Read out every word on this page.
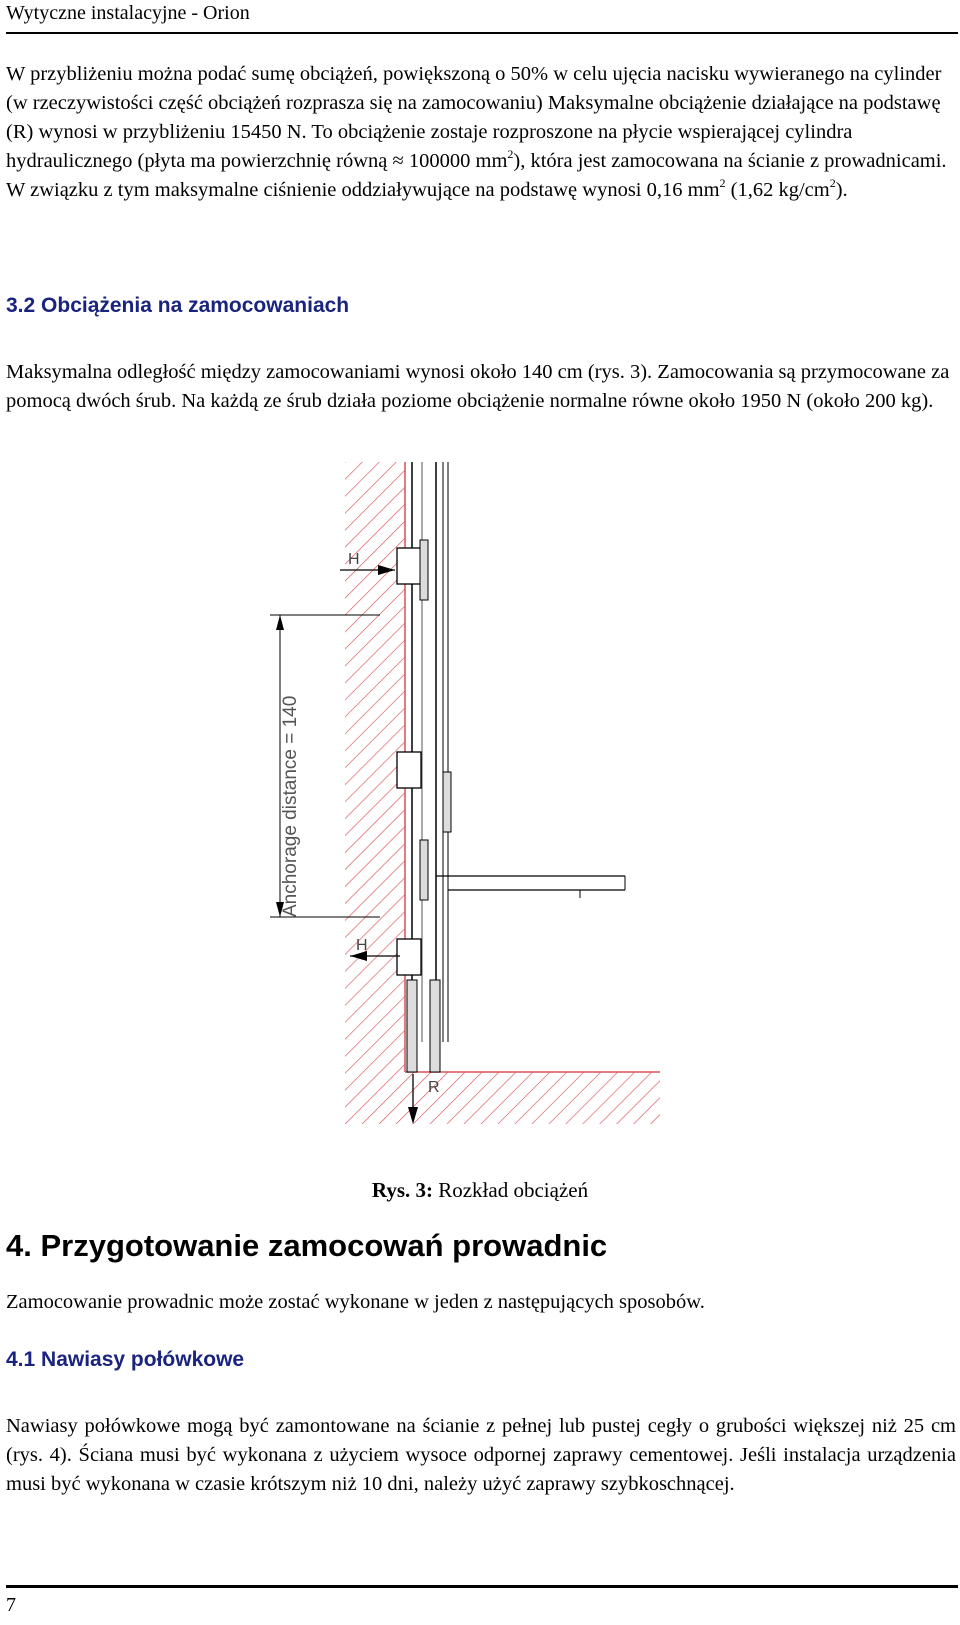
Wytyczne instalacyjne - Orion

W przybliżeniu można podać sumę obciążeń, powiększoną o 50% w celu ujęcia nacisku wywieranego na cylinder (w rzeczywistości część obciążeń rozprasza się na zamocowaniu) Maksymalne obciążenie działające na podstawę (R) wynosi w przybliżeniu 15450 N. To obciążenie zostaje rozproszone na płycie wspierającej cylindra hydraulicznego (płyta ma powierzchnię równą ≈ 100000 $mm^2$), która jest zamocowana na ścianie z prowadnicami. W związku z tym maksymalne ciśnienie oddziaływujące na podstawę wynosi 0,16 $mm^2$ (1,62 $kg/cm^2$).

3.2 Obciążenia na zamocowaniach

Maksymalna odległość między zamocowaniami wynosi około 140 cm (rys. 3). Zamocowania są przymocowane za pomocą dwóch śrub. Na każdą ze śrub działa poziome obciążenie normalne równe około 1950 N (około 200 kg).

Anchorage distance = 140
H
H
R
Rys. 3: Rozkład obciążeń
4. Przygotowanie zamocowań prowadnic

Zamocowanie prowadnic może zostać wykonane w jeden z następujących sposobów.

4.1 Nawiasy połówkowe

Nawiasy połówkowe mogą być zamontowane na ścianie z pełnej lub pustej cegły o grubości większej niż 25 cm (rys. 4). Ściana musi być wykonana z użyciem wysoce odpornej zaprawy cementowej. Jeśli instalacja urządzenia musi być wykonana w czasie krótszym niż 10 dni, należy użyć zaprawy szybkoschnącej.

7
